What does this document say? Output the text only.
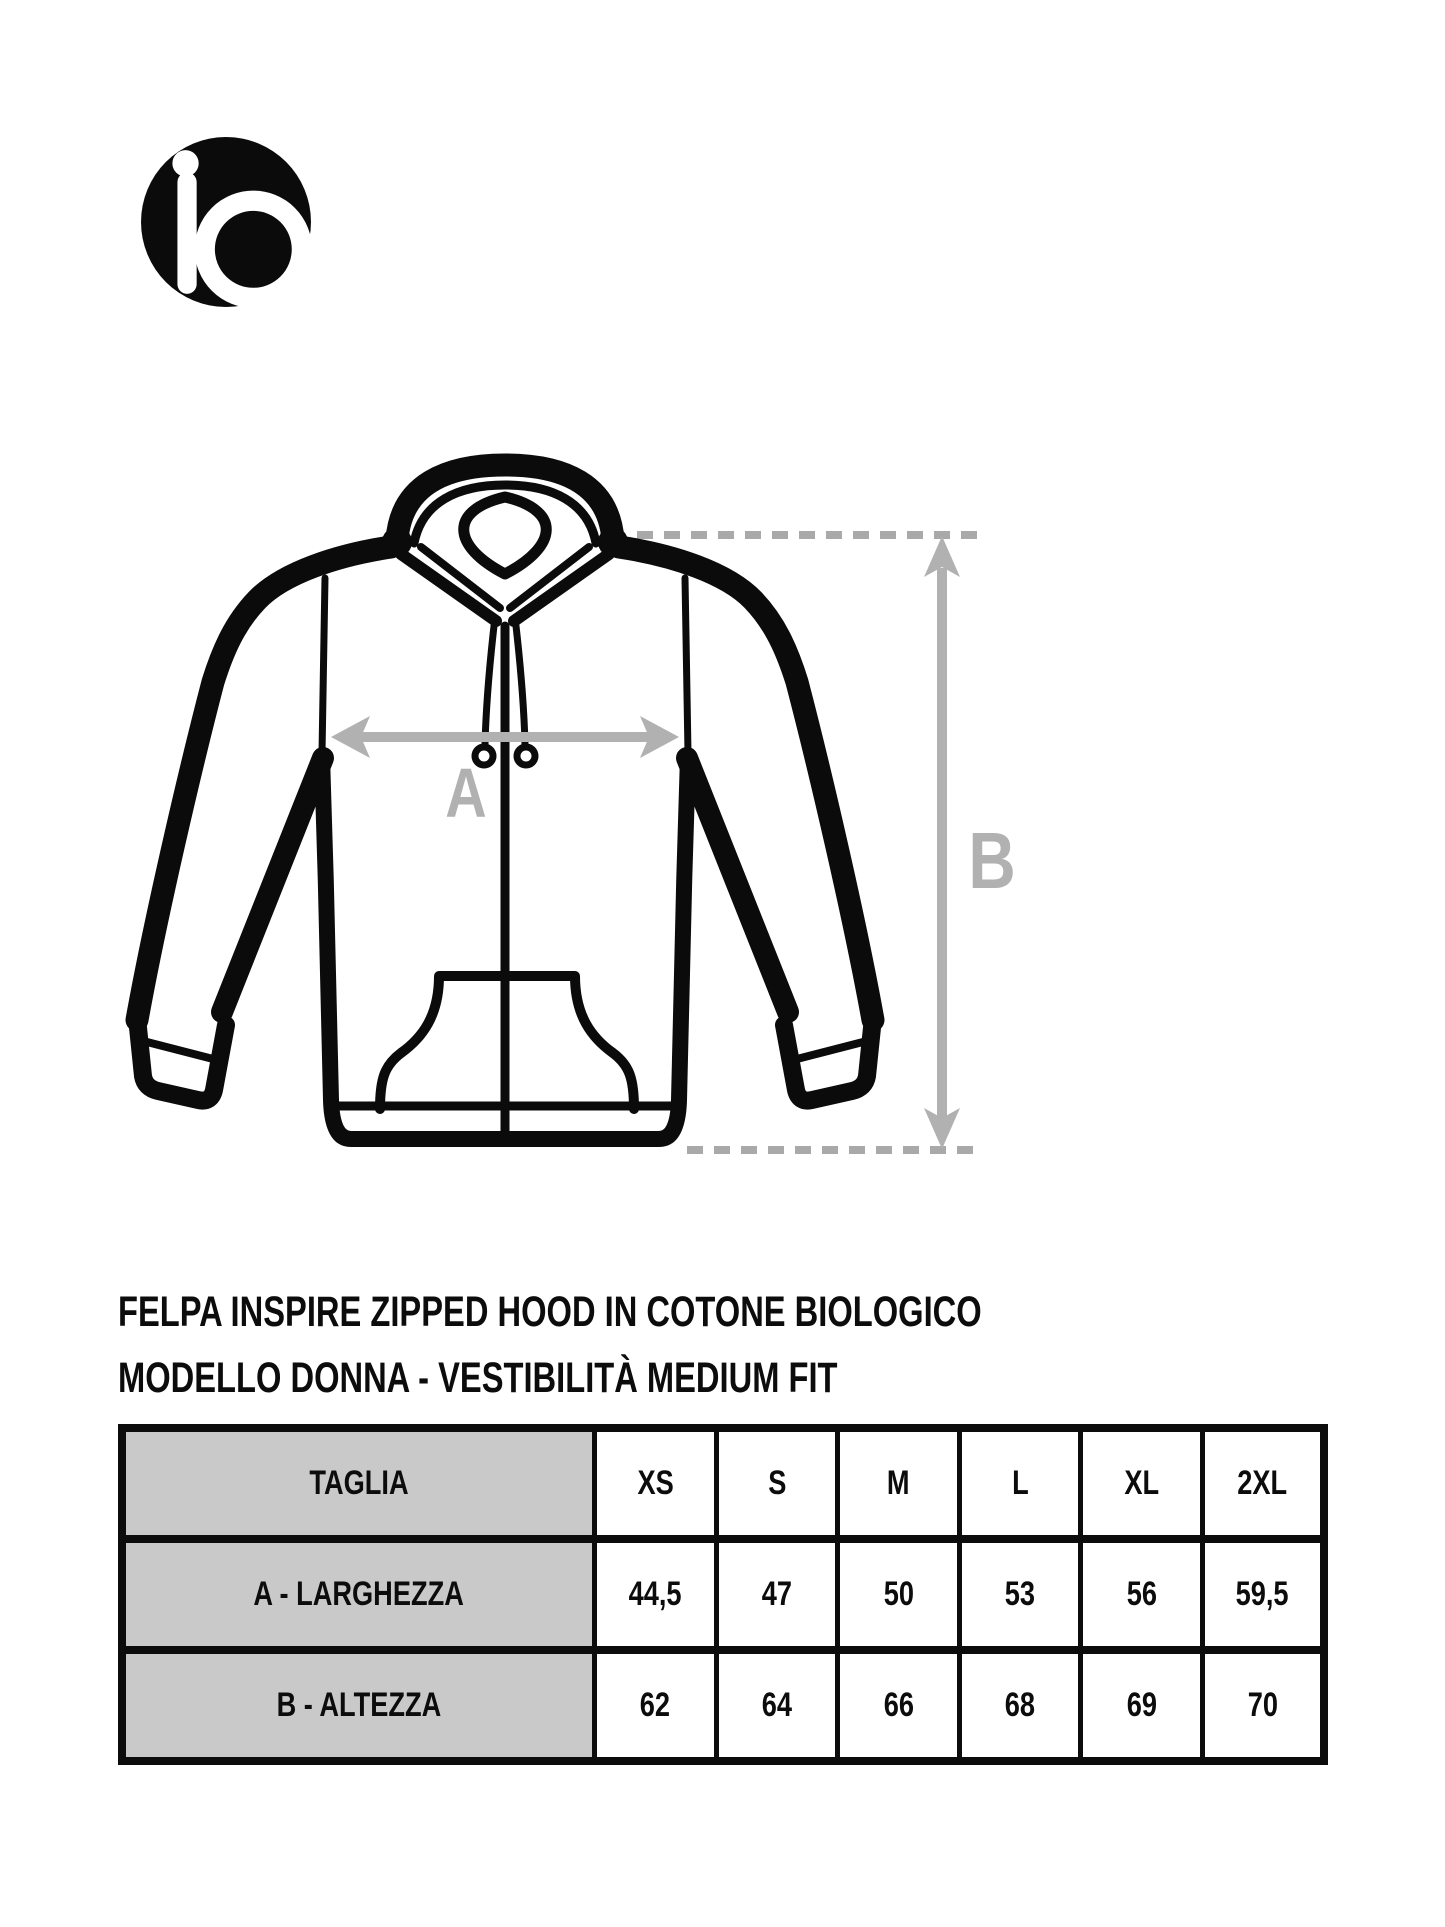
A
B
FELPA INSPIRE ZIPPED HOOD IN COTONE BIOLOGICO
MODELLO DONNA - VESTIBILITÀ MEDIUM FIT
TAGLIA	XS	S	M	L	XL	2XL
A - LARGHEZZA	44,5	47	50	53	56	59,5
B - ALTEZZA	62	64	66	68	69	70
